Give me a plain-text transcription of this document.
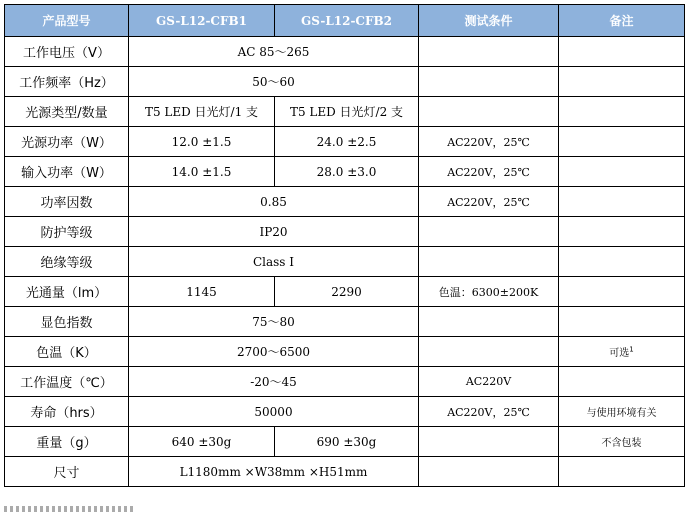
产品型号	GS-L12-CFB1	GS-L12-CFB2	测试条件	备注
工作电压（V）	AC 85～265			
工作频率（Hz）	50～60			
光源类型/数量	T5 LED 日光灯/1 支	T5 LED 日光灯/2 支		
光源功率（W）	12.0 ±1.5	24.0 ±2.5	AC220V，25℃	
输入功率（W）	14.0 ±1.5	28.0 ±3.0	AC220V，25℃	
功率因数	0.85		AC220V，25℃	
防护等级	IP20			
绝缘等级	Class I			
光通量（lm）	1145	2290	色温：6300±200K	
显色指数	75～80			
色温（K）	2700～6500			可选$^1$
工作温度（℃）	-20～45		AC220V	
寿命（hrs）	50000		AC220V，25℃	与使用环境有关
重量（g）	640 ±30g	690 ±30g		不含包装
尺寸	L1180mm ×W38mm ×H51mm			
